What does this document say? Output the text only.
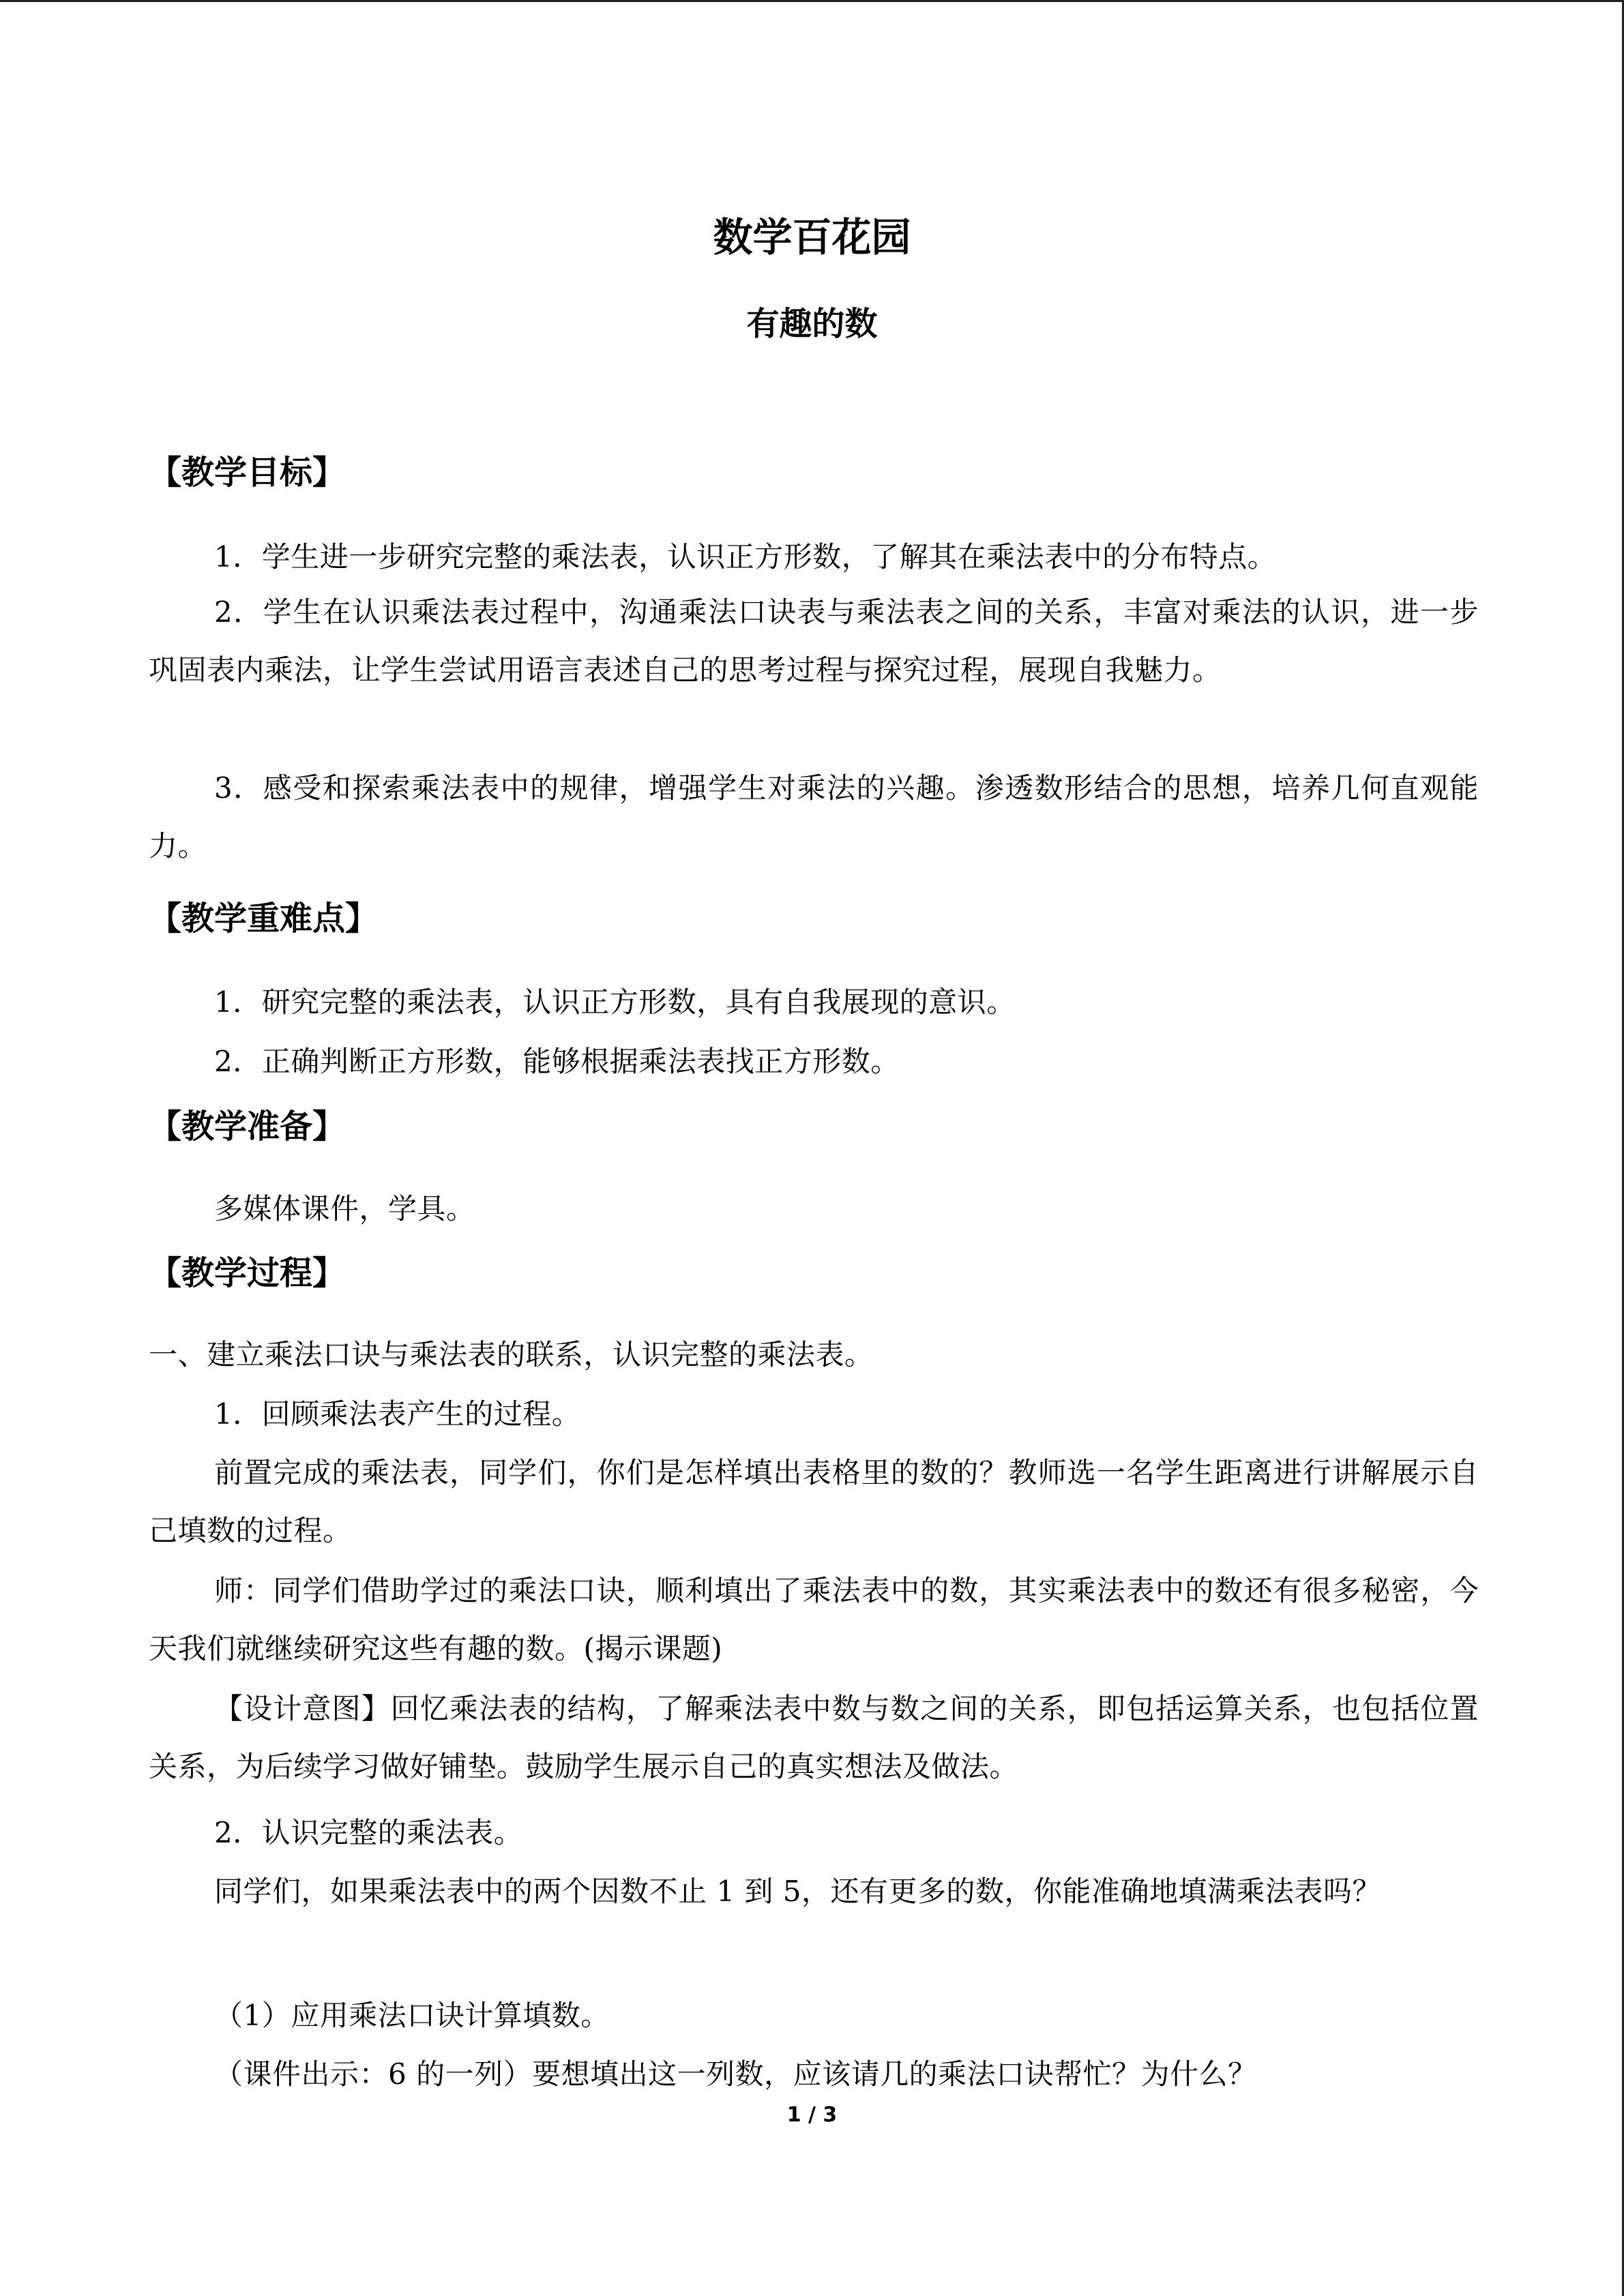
数学百花园
有趣的数
【教学目标】

1．学生进一步研究完整的乘法表，认识正方形数，了解其在乘法表中的分布特点。

2．学生在认识乘法表过程中，沟通乘法口诀表与乘法表之间的关系，丰富对乘法的认识，进一步巩固表内乘法，让学生尝试用语言表述自己的思考过程与探究过程，展现自我魅力。

3．感受和探索乘法表中的规律，增强学生对乘法的兴趣。渗透数形结合的思想，培养几何直观能力。

【教学重难点】

1．研究完整的乘法表，认识正方形数，具有自我展现的意识。

2．正确判断正方形数，能够根据乘法表找正方形数。

【教学准备】

多媒体课件，学具。

【教学过程】

一、建立乘法口诀与乘法表的联系，认识完整的乘法表。

1．回顾乘法表产生的过程。

前置完成的乘法表，同学们，你们是怎样填出表格里的数的？教师选一名学生距离进行讲解展示自己填数的过程。

师：同学们借助学过的乘法口诀，顺利填出了乘法表中的数，其实乘法表中的数还有很多秘密，今天我们就继续研究这些有趣的数。(揭示课题)

【设计意图】回忆乘法表的结构，了解乘法表中数与数之间的关系，即包括运算关系，也包括位置关系，为后续学习做好铺垫。鼓励学生展示自己的真实想法及做法。

2．认识完整的乘法表。

同学们，如果乘法表中的两个因数不止 1 到 5，还有更多的数，你能准确地填满乘法表吗？

（1）应用乘法口诀计算填数。

（课件出示：6 的一列）要想填出这一列数，应该请几的乘法口诀帮忙？为什么？

1 / 3
